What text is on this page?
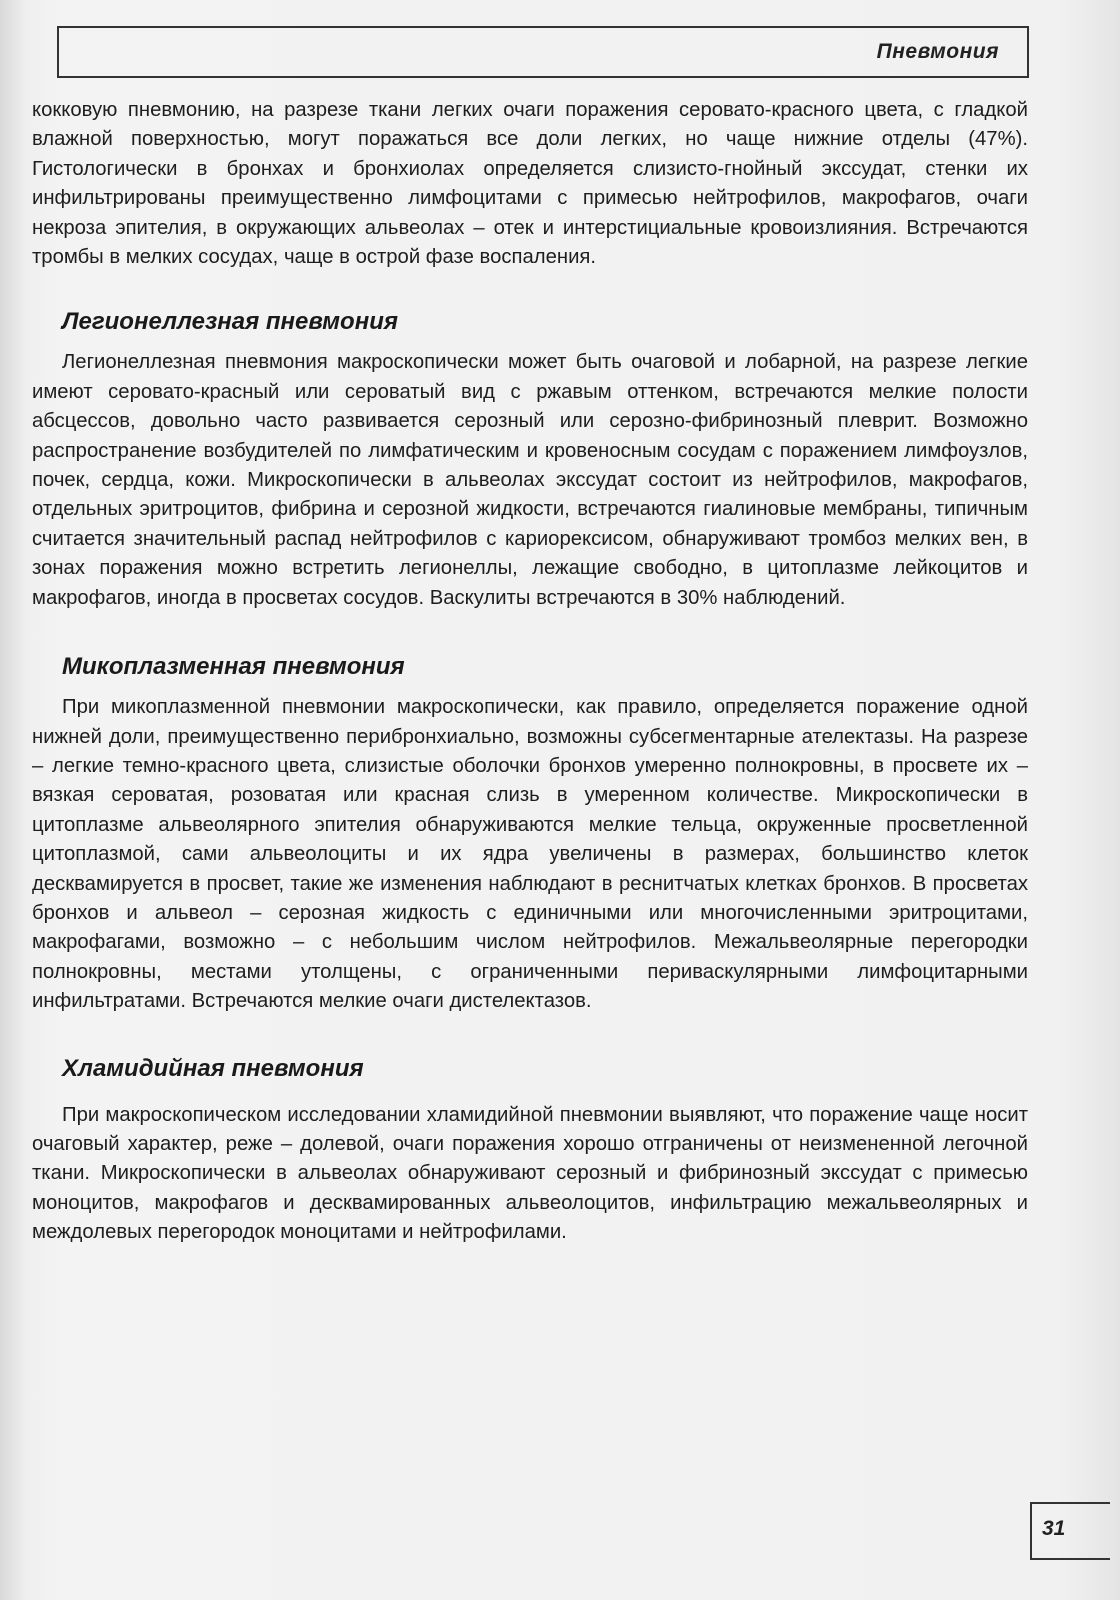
Пневмония

кокковую пневмонию, на разрезе ткани легких очаги поражения серовато-красного цвета, с гладкой влажной поверхностью, могут поражаться все доли легких, но чаще нижние отделы (47%). Гистологически в бронхах и бронхиолах определяется слизисто-гнойный экссудат, стенки их инфильтрированы преимущественно лимфоцитами с примесью нейтрофилов, макрофагов, очаги некроза эпителия, в окружающих альвеолах – отек и интерстициальные кровоизлияния. Встречаются тромбы в мелких сосудах, чаще в острой фазе воспаления.

Легионеллезная пневмония

Легионеллезная пневмония макроскопически может быть очаговой и лобарной, на разрезе легкие имеют серовато-красный или сероватый вид с ржавым оттенком, встречаются мелкие полости абсцессов, довольно часто развивается серозный или серозно-фибринозный плеврит. Возможно распространение возбудителей по лимфатическим и кровеносным сосудам с поражением лимфоузлов, почек, сердца, кожи. Микроскопически в альвеолах экссудат состоит из нейтрофилов, макрофагов, отдельных эритроцитов, фибрина и серозной жидкости, встречаются гиалиновые мембраны, типичным считается значительный распад нейтрофилов с кариорексисом, обнаруживают тромбоз мелких вен, в зонах поражения можно встретить легионеллы, лежащие свободно, в цитоплазме лейкоцитов и макрофагов, иногда в просветах сосудов. Васкулиты встречаются в 30% наблюдений.

Микоплазменная пневмония

При микоплазменной пневмонии макроскопически, как правило, определяется поражение одной нижней доли, преимущественно перибронхиально, возможны субсегментарные ателектазы. На разрезе – легкие темно-красного цвета, слизистые оболочки бронхов умеренно полнокровны, в просвете их – вязкая сероватая, розоватая или красная слизь в умеренном количестве. Микроскопически в цитоплазме альвеолярного эпителия обнаруживаются мелкие тельца, окруженные просветленной цитоплазмой, сами альвеолоциты и их ядра увеличены в размерах, большинство клеток десквамируется в просвет, такие же изменения наблюдают в реснитчатых клетках бронхов. В просветах бронхов и альвеол – серозная жидкость с единичными или многочисленными эритроцитами, макрофагами, возможно – с небольшим числом нейтрофилов. Межальвеолярные перегородки полнокровны, местами утолщены, с ограниченными периваскулярными лимфоцитарными инфильтратами. Встречаются мелкие очаги дистелектазов.

Хламидийная пневмония

При макроскопическом исследовании хламидийной пневмонии выявляют, что поражение чаще носит очаговый характер, реже – долевой, очаги поражения хорошо отграничены от неизмененной легочной ткани. Микроскопически в альвеолах обнаруживают серозный и фибринозный экссудат с примесью моноцитов, макрофагов и десквамированных альвеолоцитов, инфильтрацию межальвеолярных и междолевых перегородок моноцитами и нейтрофилами.

31
